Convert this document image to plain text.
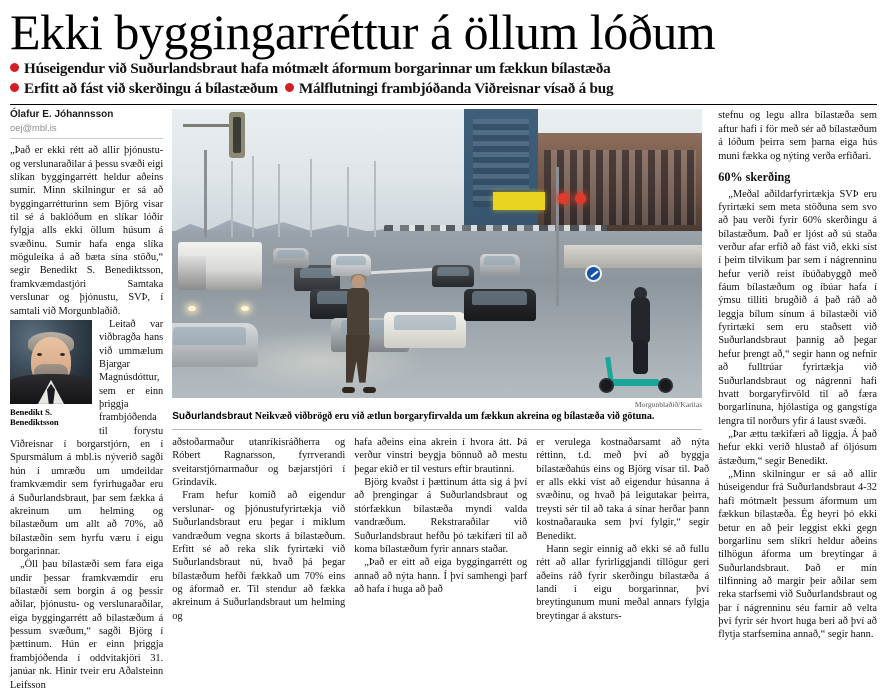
Ekki byggingarréttur á öllum lóðum
Húseigendur við Suðurlandsbraut hafa mótmælt áformum borgarinnar um fækkun bílastæða
Erfitt að fást við skerðingu á bílastæðum Málflutningi frambjóðanda Viðreisnar vísað á bug
Ólafur E. Jóhannsson
oej@mbl.is

„Það er ekki rétt að allir þjónustu- og verslunaraðilar á þessu svæði eigi slíkan byggingarrétt heldur aðeins sumir. Minn skilningur er sá að byggingarrétturinn sem Björg visar til sé á baklóðum en slíkar lóðir fylgja alls ekki öllum húsum á svæðinu. Sumir hafa enga slíka möguleika á að bæta sína stöðu,“ segir Benedikt S. Benediktsson, framkvæmdastjóri Samtaka verslunar og þjónustu, SVÞ, í samtali við Morgunblaðið.

Benedikt S.
Benediktsson

Leitað var viðbragða hans við ummælum Bjargar Magnúsdóttur, sem er einn þriggja frambjóðenda til forystu Viðreisnar í borgarstjórn, en í Spursmálum á mbl.is nýverið sagði hún í umræðu um umdeildar framkvæmdir sem fyrirhugaðar eru á Suðurlandsbraut, þar sem fækka á akreinum um helming og bílastæðum um allt að 70%, að bílastæðin sem hyrfu væru í eigu borgarinnar.

„Öll þau bílastæði sem fara eiga undir þessar framkvæmdir eru bílastæði sem borgin á og þessir aðilar, þjónustu- og verslunaraðilar, eiga byggingarrétt að bílastæðum á þessum svæðum,“ sagði Björg í þættinum. Hún er einn þriggja frambjóðenda í oddvitakjöri 31. janúar nk. Hinir tveir eru Aðalsteinn Leifsson

Morgunblaðið/Karitas
Suðurlandsbraut Neikvæð viðbrögð eru við ætlun borgaryfirvalda um fækkun akreina og bílastæða við götuna.

aðstoðarmaður utanríkisráðherra og Róbert Ragnarsson, fyrrverandi sveitarstjórnarmaður og bæjarstjóri í Grindavík.

Fram hefur komið að eigendur verslunar- og þjónustufyrirtækja við Suðurlandsbraut eru þegar í miklum vandræðum vegna skorts á bílastæðum. Erfitt sé að reka slík fyrirtæki við Suðurlandsbraut nú, hvað þá þegar bílastæðum hefði fækkað um 70% eins og áformað er. Til stendur að fækka akreinum á Suðurlandsbraut um helming og

hafa aðeins eina akrein í hvora átt. Þá verður vinstri beygja bönnuð að mestu þegar ekið er til vesturs eftir brautinni.

Björg kvaðst í þættinum átta sig á því að þrengingar á Suðurlandsbraut og stórfækkun bílastæða myndi valda vandræðum. Rekstraraðilar við Suðurlandsbraut hefðu þó tækifæri til að koma bílastæðum fyrir annars staðar.

„Það er eitt að eiga byggingarrétt og annað að nýta hann. Í því samhengi þarf að hafa í huga að það

er verulega kostnaðarsamt að nýta réttinn, t.d. með því að byggja bílastæðahús eins og Björg vísar til. Það er alls ekki víst að eigendur húsanna á svæðinu, og hvað þá leigutakar þeirra, treysti sér til að taka á sínar herðar þann kostnaðarauka sem því fylgir,“ segir Benedikt.

Hann segir einnig að ekki sé að fullu rétt að allar fyrirliggjandi tillögur geri aðeins ráð fyrir skerðingu bílastæða á landi í eigu borgarinnar, því breytingunum muni meðal annars fylgja breytingar á aksturs-

stefnu og legu allra bílastæða sem aftur hafi í för með sér að bílastæðum á lóðum þeirra sem þarna eiga hús muni fækka og nýting verða erfiðari.

60% skerðing

„Meðal aðildarfyrirtækja SVÞ eru fyrirtæki sem meta stöðuna sem svo að þau verði fyrir 60% skerðingu á bílastæðum. Það er ljóst að sú staða verður afar erfið að fást við, ekki síst í þeim tilvikum þar sem í nágrenninu hefur verið reist íbúðabyggð með fáum bílastæðum og íbúar hafa í ýmsu tilliti brugðið á það ráð að leggja bílum sínum á bílastæði við fyrirtæki sem eru staðsett við Suðurlandsbraut þannig að þegar hefur þrengt að,“ segir hann og nefnir að fulltrúar fyrirtækja við Suðurlandsbraut og nágrenni hafi hvatt borgaryfirvöld til að færa borgarlínuna, hjólastíga og gangstíga lengra til norðurs yfir á laust svæði.

„Þar ættu tækifæri að liggja. Á það hefur ekki verið hlustað af óljósum ástæðum,“ segir Benedikt.

„Minn skilningur er sá að allir húseigendur frá Suðurlandsbraut 4-32 hafi mótmælt þessum áformum um fækkun bílastæða. Ég heyri þó ekki betur en að þeir leggist ekki gegn borgarlínu sem slíkri heldur aðeins tilhögun áforma um breytingar á Suðurlandsbraut. Það er mín tilfinning að margir þeir aðilar sem reka starfsemi við Suðurlandsbraut og þar í nágrenninu séu farnir að velta því fyrir sér hvort huga beri að því að flytja starfsemina annað,“ segir hann.
